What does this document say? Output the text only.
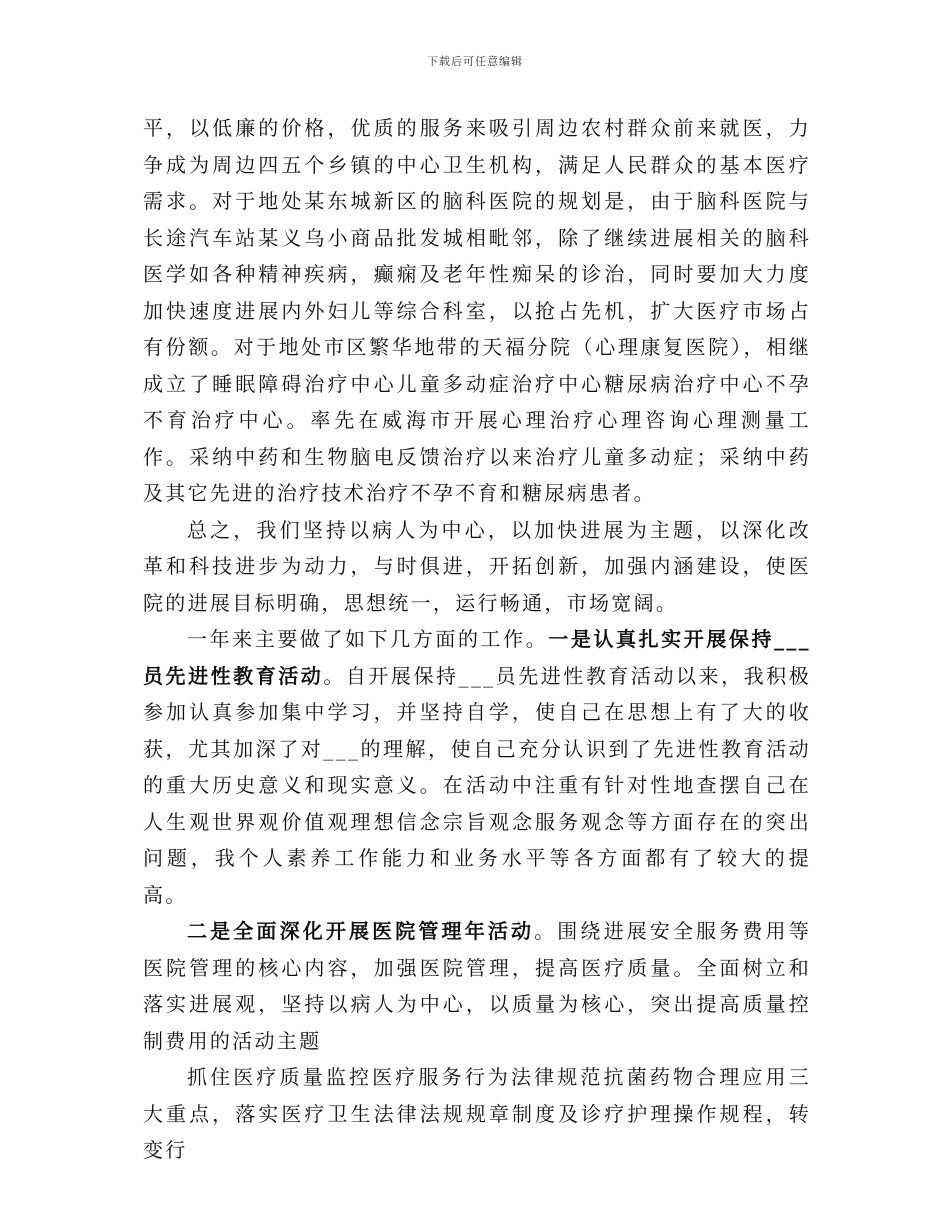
下载后可任意编辑

平，以低廉的价格，优质的服务来吸引周边农村群众前来就医，力争成为周边四五个乡镇的中心卫生机构，满足人民群众的基本医疗需求。对于地处某东城新区的脑科医院的规划是，由于脑科医院与长途汽车站某义乌小商品批发城相毗邻，除了继续进展相关的脑科医学如各种精神疾病，癫痫及老年性痴呆的诊治，同时要加大力度加快速度进展内外妇儿等综合科室，以抢占先机，扩大医疗市场占有份额。对于地处市区繁华地带的天福分院（心理康复医院），相继成立了睡眠障碍治疗中心儿童多动症治疗中心糖尿病治疗中心不孕不育治疗中心。率先在威海市开展心理治疗心理咨询心理测量工作。采纳中药和生物脑电反馈治疗以来治疗儿童多动症；采纳中药及其它先进的治疗技术治疗不孕不育和糖尿病患者。

总之，我们坚持以病人为中心，以加快进展为主题，以深化改革和科技进步为动力，与时俱进，开拓创新，加强内涵建设，使医院的进展目标明确，思想统一，运行畅通，市场宽阔。

一年来主要做了如下几方面的工作。一是认真扎实开展保持___员先进性教育活动。自开展保持___员先进性教育活动以来，我积极参加认真参加集中学习，并坚持自学，使自己在思想上有了大的收获，尤其加深了对___的理解，使自己充分认识到了先进性教育活动的重大历史意义和现实意义。在活动中注重有针对性地查摆自己在人生观世界观价值观理想信念宗旨观念服务观念等方面存在的突出问题，我个人素养工作能力和业务水平等各方面都有了较大的提高。

二是全面深化开展医院管理年活动。围绕进展安全服务费用等医院管理的核心内容，加强医院管理，提高医疗质量。全面树立和落实进展观，坚持以病人为中心，以质量为核心，突出提高质量控制费用的活动主题

抓住医疗质量监控医疗服务行为法律规范抗菌药物合理应用三大重点，落实医疗卫生法律法规规章制度及诊疗护理操作规程，转变行
